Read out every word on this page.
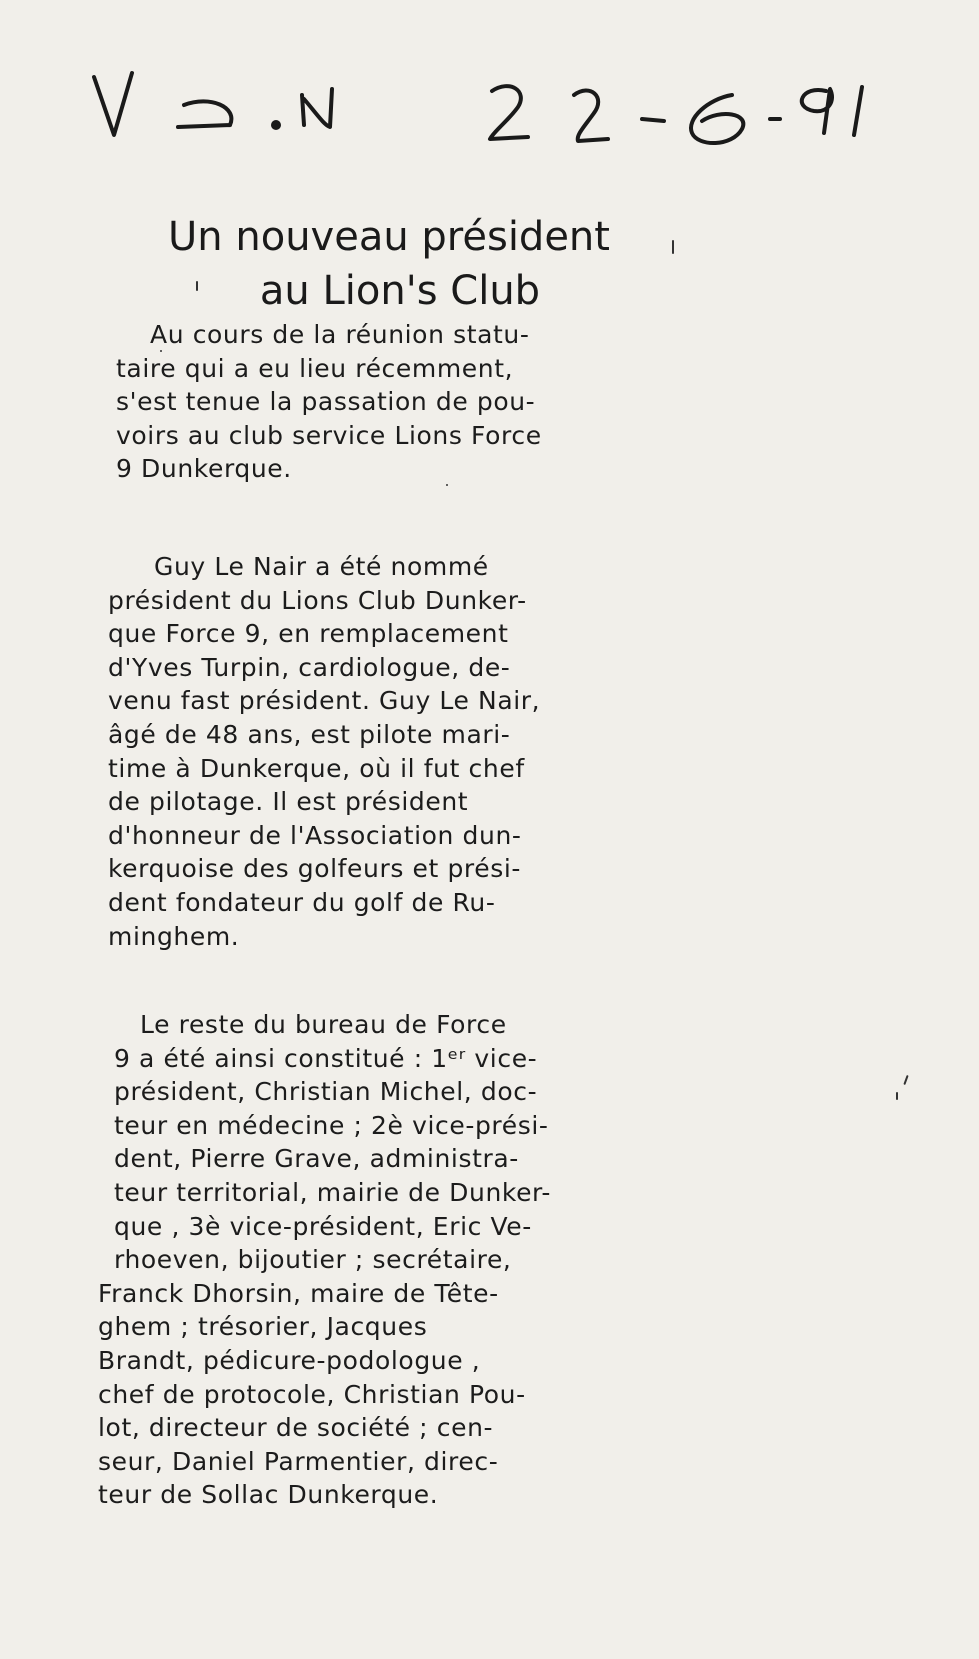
Un nouveau président
au Lion's Club
Au cours de la réunion statu-
taire qui a eu lieu récemment,
s'est tenue la passation de pou-
voirs au club service Lions Force
9 Dunkerque.
Guy Le Nair a été nommé
président du Lions Club Dunker-
que Force 9, en remplacement
d'Yves Turpin, cardiologue, de-
venu fast président. Guy Le Nair,
âgé de 48 ans, est pilote mari-
time à Dunkerque, où il fut chef
de pilotage. Il est président
d'honneur de l'Association dun-
kerquoise des golfeurs et prési-
dent fondateur du golf de Ru-
minghem.
Le reste du bureau de Force
9 a été ainsi constitué : 1ᵉʳ vice-
président, Christian Michel, doc-
teur en médecine ; 2è vice-prési-
dent, Pierre Grave, administra-
teur territorial, mairie de Dunker-
que , 3è vice-président, Eric Ve-
rhoeven, bijoutier ; secrétaire,
Franck Dhorsin, maire de Tête-
ghem ; trésorier, Jacques
Brandt, pédicure-podologue ,
chef de protocole, Christian Pou-
lot, directeur de société ; cen-
seur, Daniel Parmentier, direc-
teur de Sollac Dunkerque.
